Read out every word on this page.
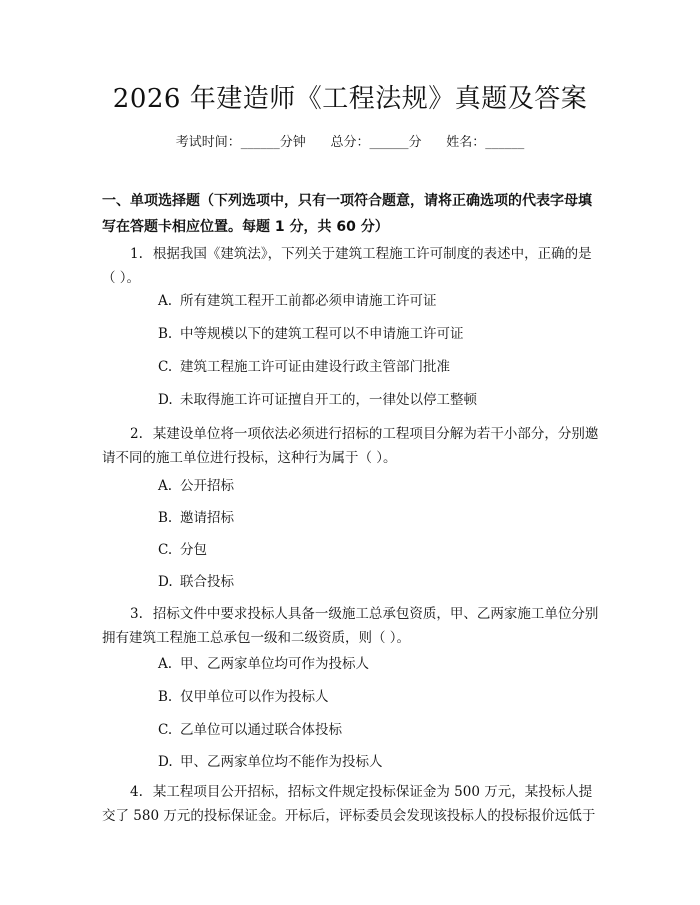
2026 年建造师《工程法规》真题及答案
考试时间：______分钟      总分：______分      姓名：______
一、单项选择题（下列选项中，只有一项符合题意，请将正确选项的代表字母填写在答题卡相应位置。每题 1 分，共 60 分）
1. 根据我国《建筑法》，下列关于建筑工程施工许可制度的表述中，正确的是（ ）。
A. 所有建筑工程开工前都必须申请施工许可证
B. 中等规模以下的建筑工程可以不申请施工许可证
C. 建筑工程施工许可证由建设行政主管部门批准
D. 未取得施工许可证擅自开工的，一律处以停工整顿
2. 某建设单位将一项依法必须进行招标的工程项目分解为若干小部分，分别邀请不同的施工单位进行投标，这种行为属于（ ）。
A. 公开招标
B. 邀请招标
C. 分包
D. 联合投标
3. 招标文件中要求投标人具备一级施工总承包资质，甲、乙两家施工单位分别拥有建筑工程施工总承包一级和二级资质，则（ ）。
A. 甲、乙两家单位均可作为投标人
B. 仅甲单位可以作为投标人
C. 乙单位可以通过联合体投标
D. 甲、乙两家单位均不能作为投标人
4. 某工程项目公开招标，招标文件规定投标保证金为 500 万元，某投标人提交了 580 万元的投标保证金。开标后，评标委员会发现该投标人的投标报价远低于
